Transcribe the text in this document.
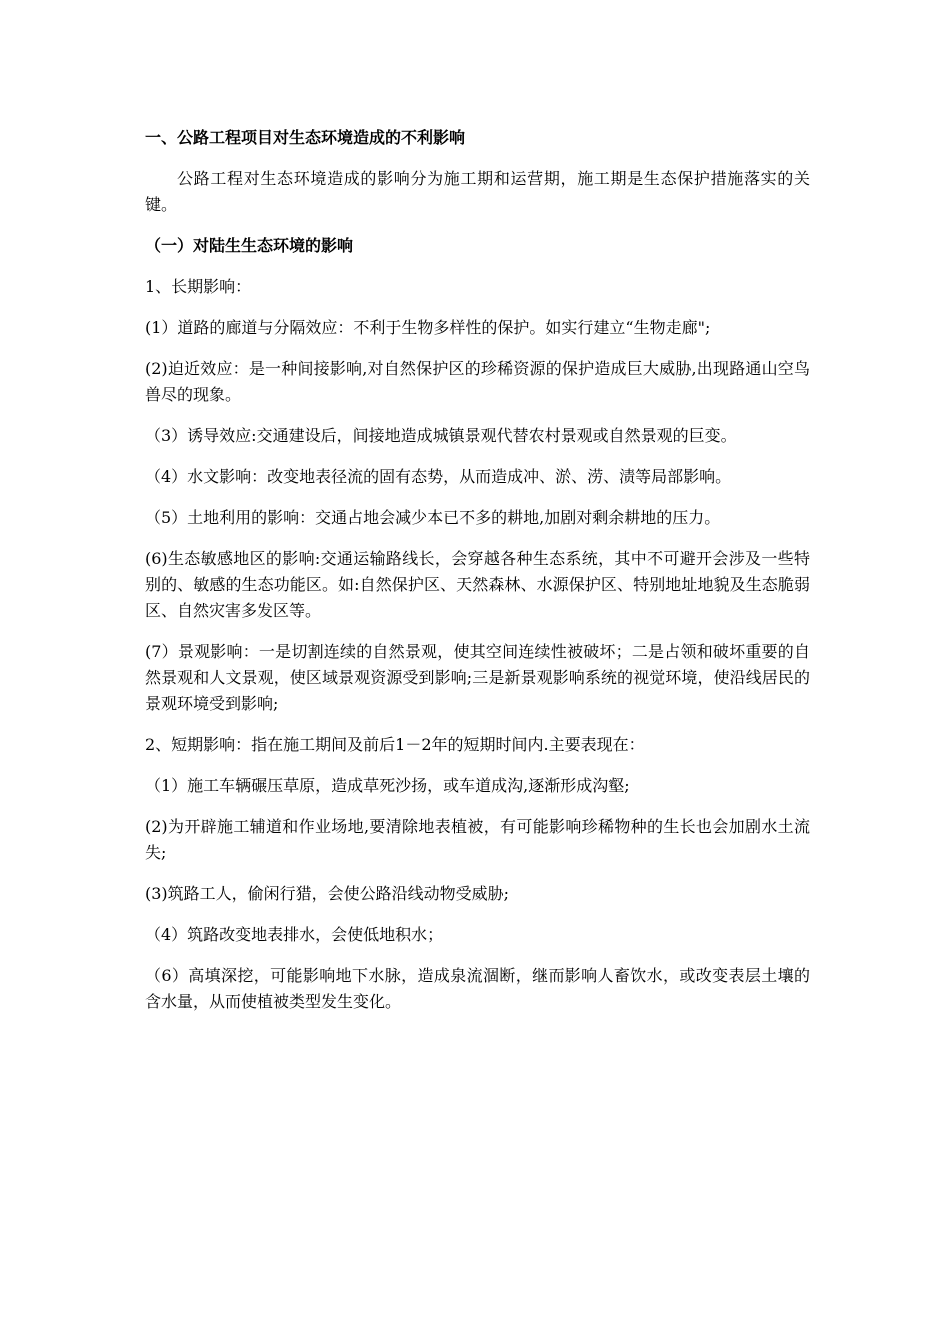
一、公路工程项目对生态环境造成的不利影响
公路工程对生态环境造成的影响分为施工期和运营期，施工期是生态保护措施落实的关键。
（一）对陆生生态环境的影响
1、长期影响：
(1）道路的廊道与分隔效应：不利于生物多样性的保护。如实行建立“生物走廊";
(2)迫近效应：是一种间接影响,对自然保护区的珍稀资源的保护造成巨大威胁,出现路通山空鸟兽尽的现象。
（3）诱导效应:交通建设后，间接地造成城镇景观代替农村景观或自然景观的巨变。
（4）水文影响：改变地表径流的固有态势，从而造成冲、淤、涝、渍等局部影响。
（5）土地利用的影响：交通占地会减少本已不多的耕地,加剧对剩余耕地的压力。
(6)生态敏感地区的影响:交通运输路线长，会穿越各种生态系统，其中不可避开会涉及一些特别的、敏感的生态功能区。如:自然保护区、天然森林、水源保护区、特别地址地貌及生态脆弱区、自然灾害多发区等。
(7）景观影响：一是切割连续的自然景观，使其空间连续性被破坏；二是占领和破坏重要的自然景观和人文景观，使区域景观资源受到影响;三是新景观影响系统的视觉环境，使沿线居民的景观环境受到影响;
2、短期影响：指在施工期间及前后1－2年的短期时间内.主要表现在：
（1）施工车辆碾压草原，造成草死沙扬，或车道成沟,逐渐形成沟壑;
(2)为开辟施工辅道和作业场地,要清除地表植被，有可能影响珍稀物种的生长也会加剧水土流失;
(3)筑路工人，偷闲行猎，会使公路沿线动物受威胁;
（4）筑路改变地表排水，会使低地积水；
（6）高填深挖，可能影响地下水脉，造成泉流涸断，继而影响人畜饮水，或改变表层土壤的含水量，从而使植被类型发生变化。
